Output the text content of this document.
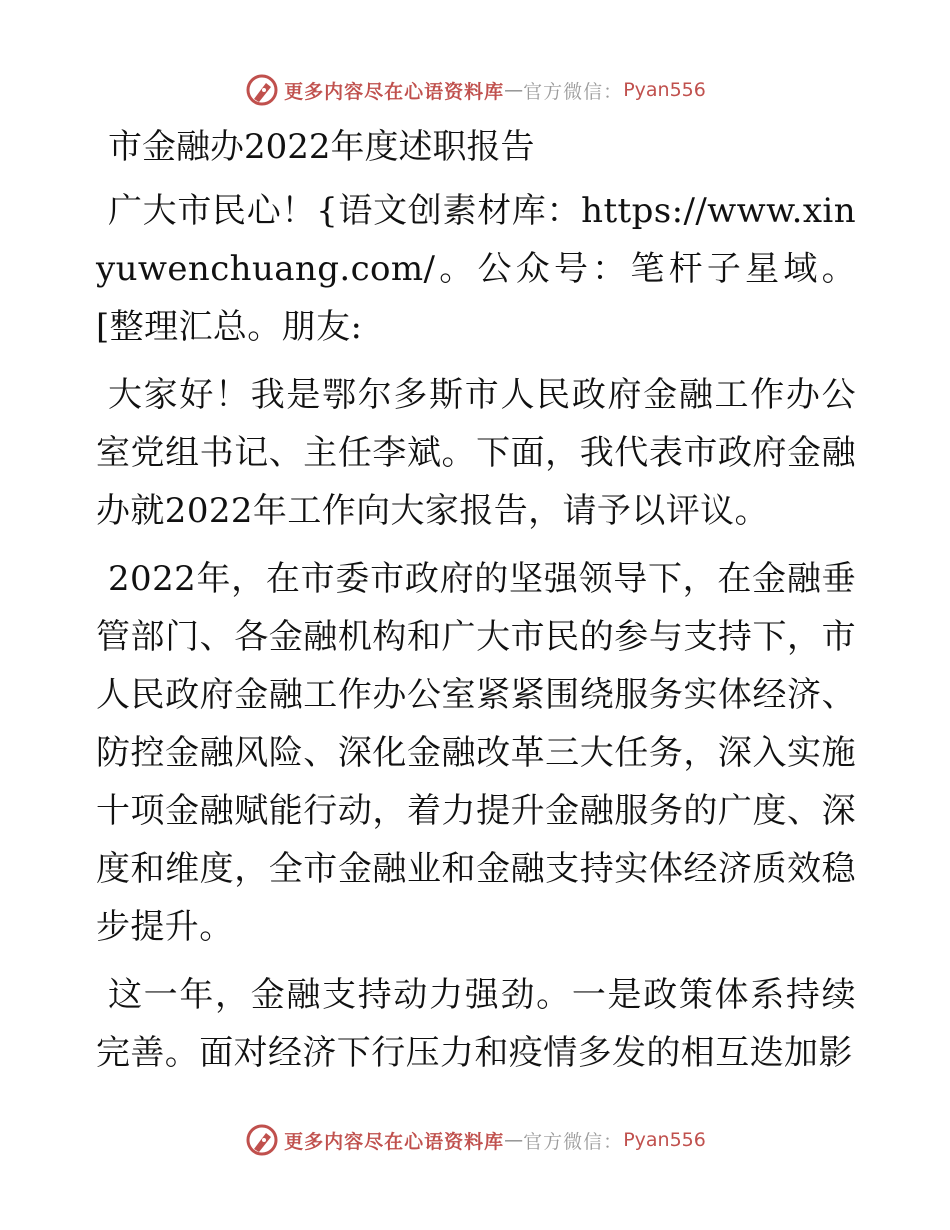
更多内容尽在心语资料库 — 官方微信： Pyan556
市金融办2022年度述职报告

广大市民心！{语文创素材库：https://www.xinyuwenchuang.com/。公众号：笔杆子星域。[整理汇总。朋友:

大家好！我是鄂尔多斯市人民政府金融工作办公室党组书记、主任李斌。下面，我代表市政府金融办就2022年工作向大家报告，请予以评议。

2022年，在市委市政府的坚强领导下，在金融垂管部门、各金融机构和广大市民的参与支持下，市人民政府金融工作办公室紧紧围绕服务实体经济、防控金融风险、深化金融改革三大任务，深入实施十项金融赋能行动，着力提升金融服务的广度、深度和维度，全市金融业和金融支持实体经济质效稳步提升。

这一年，金融支持动力强劲。一是政策体系持续完善。面对经济下行压力和疫情多发的相互迭加影

更多内容尽在心语资料库 — 官方微信： Pyan556
